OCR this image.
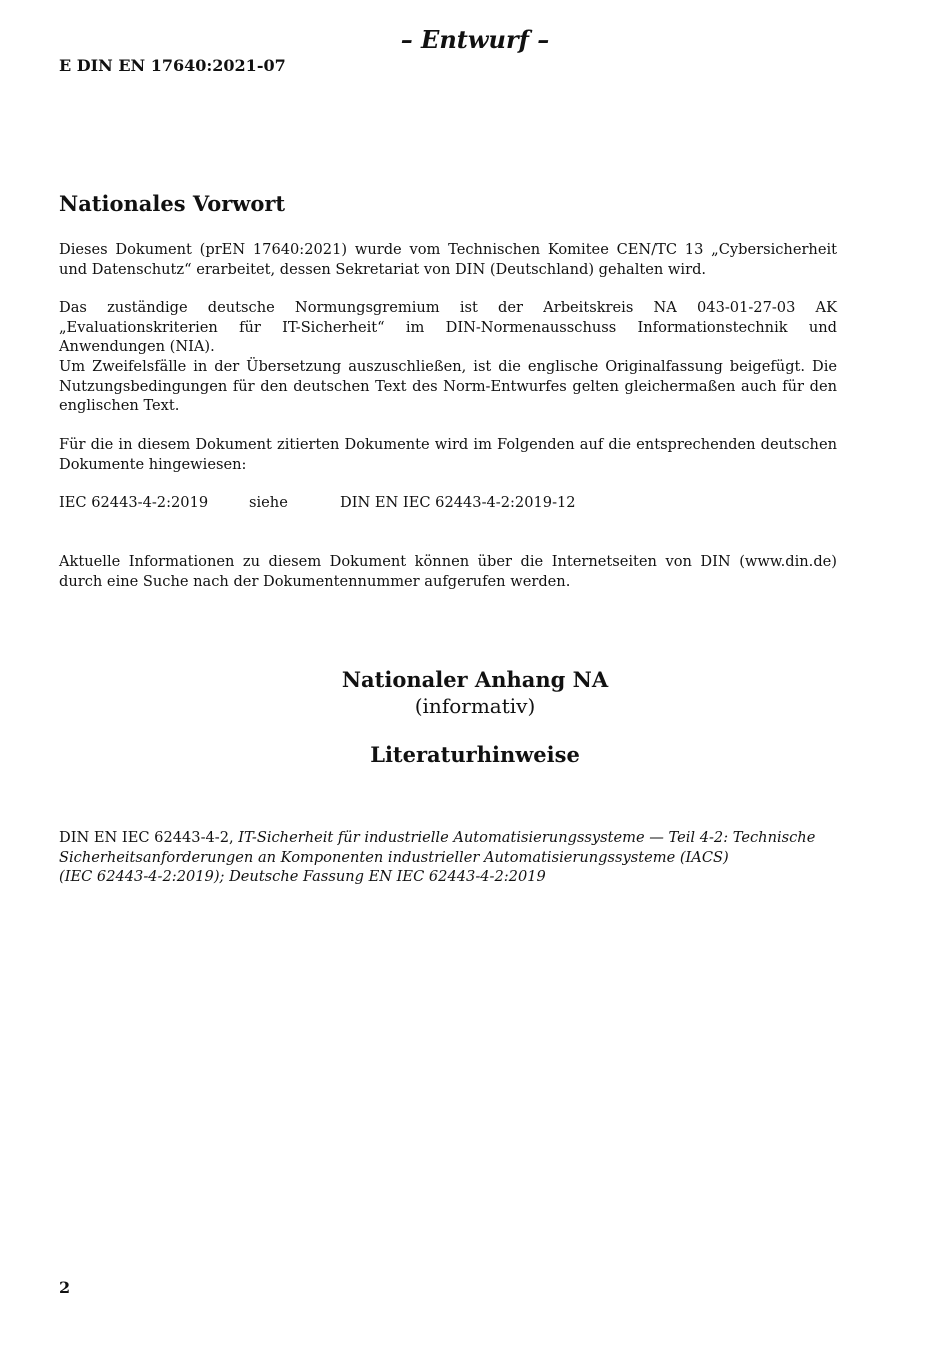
– Entwurf –
E DIN EN 17640:2021-07
Nationales Vorwort
Dieses Dokument (prEN 17640:2021) wurde vom Technischen Komitee CEN/TC 13 „Cybersicherheit und Datenschutz“ erarbeitet, dessen Sekretariat von DIN (Deutschland) gehalten wird.
Das zuständige deutsche Normungsgremium ist der Arbeitskreis NA 043-01-27-03 AK „Evaluationskriterien für IT-Sicherheit“ im DIN-Normenausschuss Informationstechnik und Anwendungen (NIA).
Um Zweifelsfälle in der Übersetzung auszuschließen, ist die englische Originalfassung beigefügt. Die Nutzungsbedingungen für den deutschen Text des Norm-Entwurfes gelten gleichermaßen auch für den englischen Text.
Für die in diesem Dokument zitierten Dokumente wird im Folgenden auf die entsprechenden deutschen Dokumente hingewiesen:
IEC 62443-4-2:2019	siehe	DIN EN IEC 62443-4-2:2019-12
Aktuelle Informationen zu diesem Dokument können über die Internetseiten von DIN (www.din.de) durch eine Suche nach der Dokumentennummer aufgerufen werden.
Nationaler Anhang NA
(informativ)
Literaturhinweise
DIN EN IEC 62443-4-2, IT-Sicherheit für industrielle Automatisierungssysteme — Teil 4-2: Technische
Sicherheitsanforderungen an Komponenten industrieller Automatisierungssysteme (IACS)
(IEC 62443-4-2:2019); Deutsche Fassung EN IEC 62443-4-2:2019
2
